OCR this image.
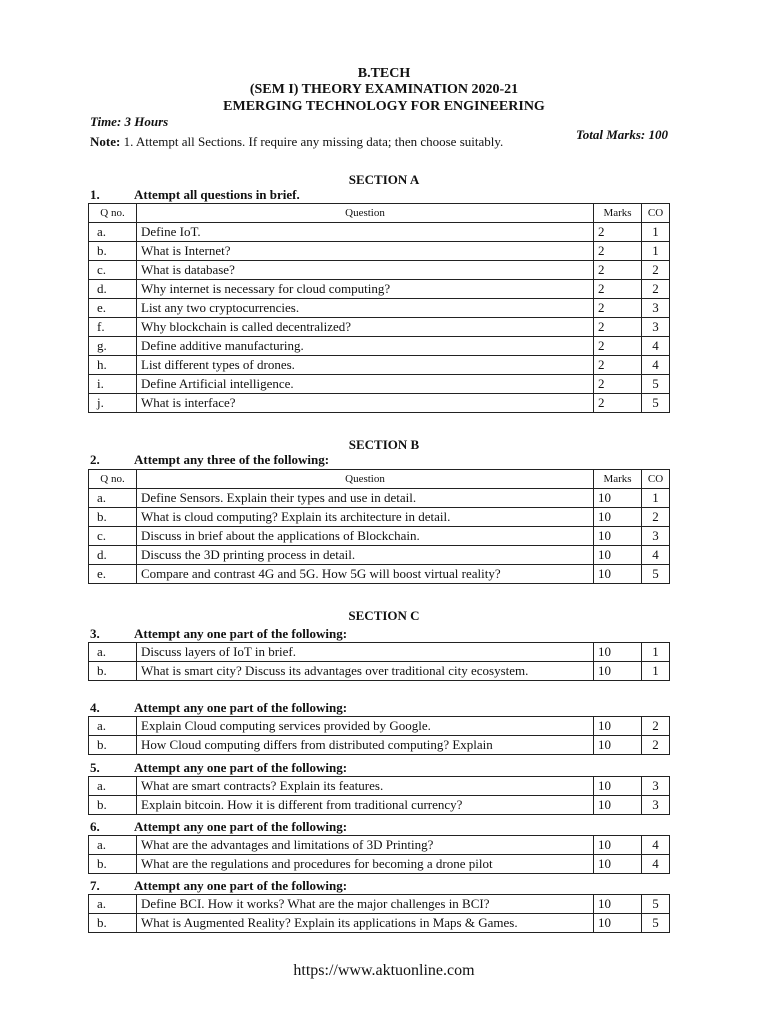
B.TECH
(SEM I) THEORY EXAMINATION 2020-21
EMERGING TECHNOLOGY FOR ENGINEERING
Time: 3 Hours
Total Marks: 100
Note: 1. Attempt all Sections. If require any missing data; then choose suitably.
SECTION A
1.	Attempt all questions in brief.
Q no.	Question	Marks	CO
a.	Define IoT.	2	1
b.	What is Internet?	2	1
c.	What is database?	2	2
d.	Why internet is necessary for cloud computing?	2	2
e.	List any two cryptocurrencies.	2	3
f.	Why blockchain is called decentralized?	2	3
g.	Define additive manufacturing.	2	4
h.	List different types of drones.	2	4
i.	Define Artificial intelligence.	2	5
j.	What is interface?	2	5
SECTION B
2.	Attempt any three of the following:
Q no.	Question	Marks	CO
a.	Define Sensors. Explain their types and use in detail.	10	1
b.	What is cloud computing? Explain its architecture in detail.	10	2
c.	Discuss in brief about the applications of Blockchain.	10	3
d.	Discuss the 3D printing process in detail.	10	4
e.	Compare and contrast 4G and 5G. How 5G will boost virtual reality?	10	5
SECTION C
3.	Attempt any one part of the following:
a.	Discuss layers of IoT in brief.	10	1
b.	What is smart city? Discuss its advantages over traditional city ecosystem.	10	1
4.	Attempt any one part of the following:
a.	Explain Cloud computing services provided by Google.	10	2
b.	How Cloud computing differs from distributed computing? Explain	10	2
5.	Attempt any one part of the following:
a.	What are smart contracts? Explain its features.	10	3
b.	Explain bitcoin. How it is different from traditional currency?	10	3
6.	Attempt any one part of the following:
a.	What are the advantages and limitations of 3D Printing?	10	4
b.	What are the regulations and procedures for becoming a drone pilot	10	4
7.	Attempt any one part of the following:
a.	Define BCI. How it works? What are the major challenges in BCI?	10	5
b.	What is Augmented Reality? Explain its applications in Maps & Games.	10	5
https://www.aktuonline.com
